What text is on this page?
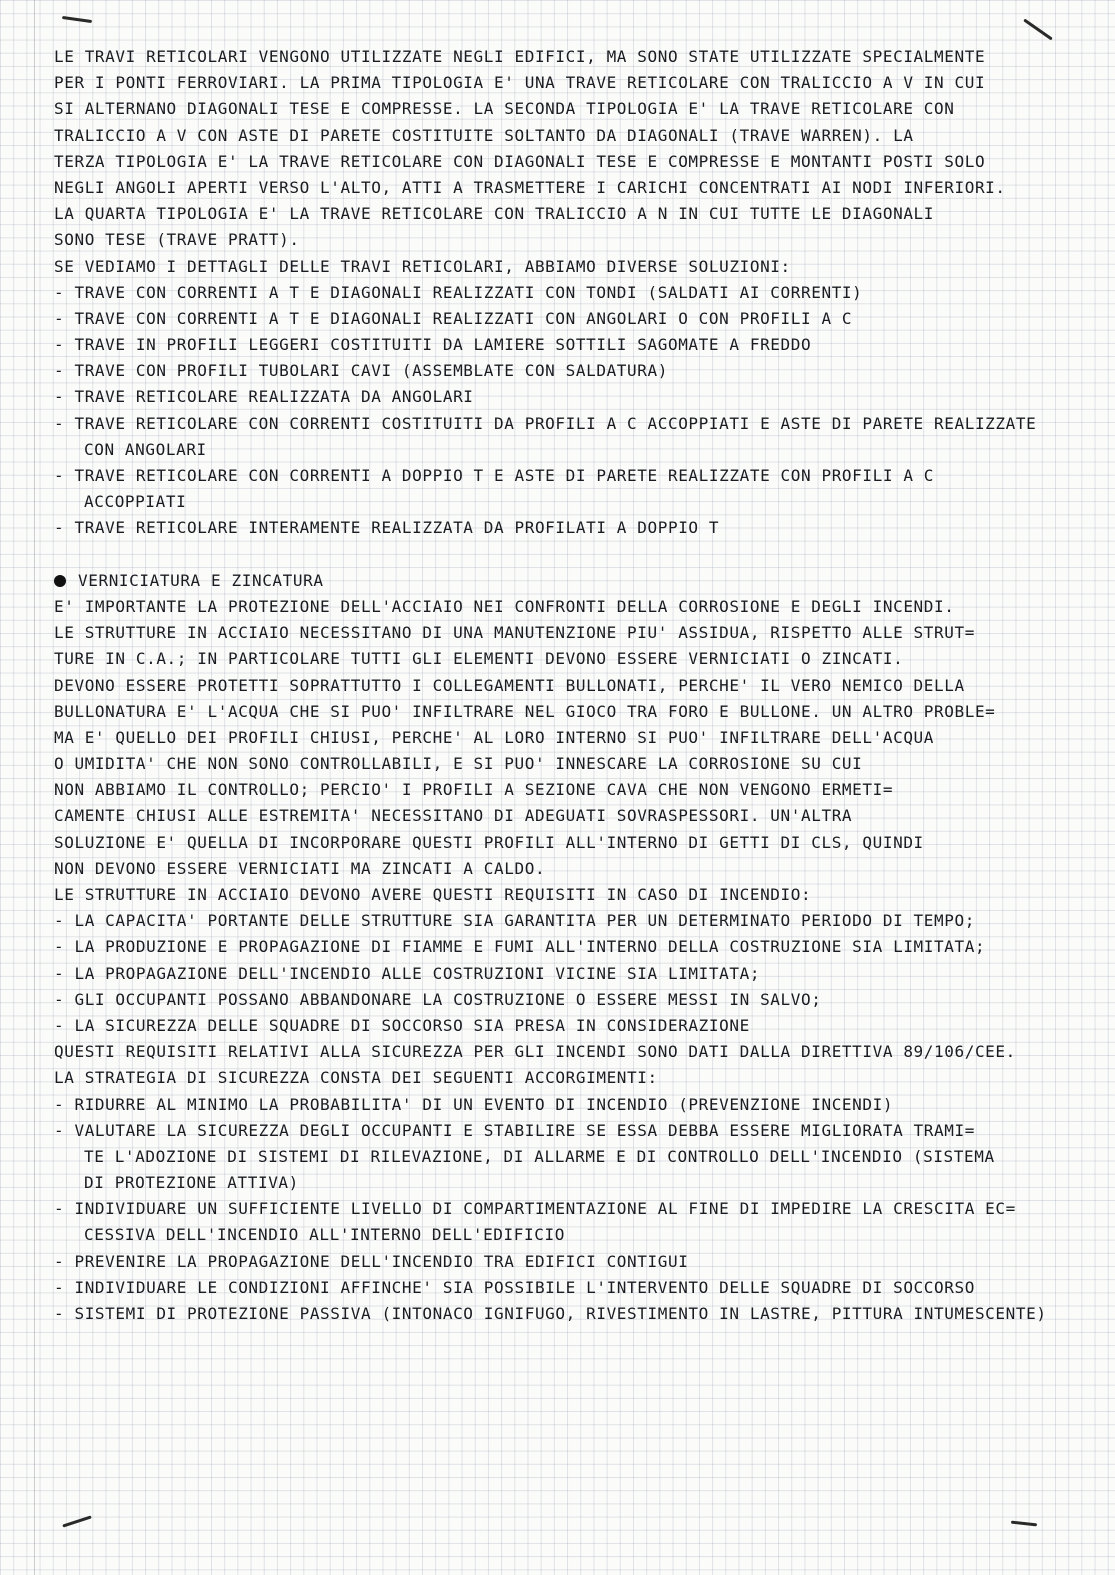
LE TRAVI RETICOLARI VENGONO UTILIZZATE NEGLI EDIFICI, MA SONO STATE UTILIZZATE SPECIALMENTE
PER I PONTI FERROVIARI. LA PRIMA TIPOLOGIA E' UNA TRAVE RETICOLARE CON TRALICCIO A V IN CUI
SI ALTERNANO DIAGONALI TESE E COMPRESSE. LA SECONDA TIPOLOGIA E' LA TRAVE RETICOLARE CON
TRALICCIO A V CON ASTE DI PARETE COSTITUITE SOLTANTO DA DIAGONALI (TRAVE WARREN). LA
TERZA TIPOLOGIA E' LA TRAVE RETICOLARE CON DIAGONALI TESE E COMPRESSE E MONTANTI POSTI SOLO
NEGLI ANGOLI APERTI VERSO L'ALTO, ATTI A TRASMETTERE I CARICHI CONCENTRATI AI NODI INFERIORI.
LA QUARTA TIPOLOGIA E' LA TRAVE RETICOLARE CON TRALICCIO A N IN CUI TUTTE LE DIAGONALI
SONO TESE (TRAVE PRATT).
SE VEDIAMO I DETTAGLI DELLE TRAVI RETICOLARI, ABBIAMO DIVERSE SOLUZIONI:
- TRAVE CON CORRENTI A T E DIAGONALI REALIZZATI CON TONDI (SALDATI AI CORRENTI)
- TRAVE CON CORRENTI A T E DIAGONALI REALIZZATI CON ANGOLARI O CON PROFILI A C
- TRAVE IN PROFILI LEGGERI COSTITUITI DA LAMIERE SOTTILI SAGOMATE A FREDDO
- TRAVE CON PROFILI TUBOLARI CAVI (ASSEMBLATE CON SALDATURA)
- TRAVE RETICOLARE REALIZZATA DA ANGOLARI
- TRAVE RETICOLARE CON CORRENTI COSTITUITI DA PROFILI A C ACCOPPIATI E ASTE DI PARETE REALIZZATE
CON ANGOLARI
- TRAVE RETICOLARE CON CORRENTI A DOPPIO T E ASTE DI PARETE REALIZZATE CON PROFILI A C
ACCOPPIATI
- TRAVE RETICOLARE INTERAMENTE REALIZZATA DA PROFILATI A DOPPIO T
VERNICIATURA E ZINCATURA
E' IMPORTANTE LA PROTEZIONE DELL'ACCIAIO NEI CONFRONTI DELLA CORROSIONE E DEGLI INCENDI.
LE STRUTTURE IN ACCIAIO NECESSITANO DI UNA MANUTENZIONE PIU' ASSIDUA, RISPETTO ALLE STRUT=
TURE IN C.A.; IN PARTICOLARE TUTTI GLI ELEMENTI DEVONO ESSERE VERNICIATI O ZINCATI.
DEVONO ESSERE PROTETTI SOPRATTUTTO I COLLEGAMENTI BULLONATI, PERCHE' IL VERO NEMICO DELLA
BULLONATURA E' L'ACQUA CHE SI PUO' INFILTRARE NEL GIOCO TRA FORO E BULLONE. UN ALTRO PROBLE=
MA E' QUELLO DEI PROFILI CHIUSI, PERCHE' AL LORO INTERNO SI PUO' INFILTRARE DELL'ACQUA
O UMIDITA' CHE NON SONO CONTROLLABILI, E SI PUO' INNESCARE LA CORROSIONE SU CUI
NON ABBIAMO IL CONTROLLO; PERCIO' I PROFILI A SEZIONE CAVA CHE NON VENGONO ERMETI=
CAMENTE CHIUSI ALLE ESTREMITA' NECESSITANO DI ADEGUATI SOVRASPESSORI. UN'ALTRA
SOLUZIONE E' QUELLA DI INCORPORARE QUESTI PROFILI ALL'INTERNO DI GETTI DI CLS, QUINDI
NON DEVONO ESSERE VERNICIATI MA ZINCATI A CALDO.
LE STRUTTURE IN ACCIAIO DEVONO AVERE QUESTI REQUISITI IN CASO DI INCENDIO:
- LA CAPACITA' PORTANTE DELLE STRUTTURE SIA GARANTITA PER UN DETERMINATO PERIODO DI TEMPO;
- LA PRODUZIONE E PROPAGAZIONE DI FIAMME E FUMI ALL'INTERNO DELLA COSTRUZIONE SIA LIMITATA;
- LA PROPAGAZIONE DELL'INCENDIO ALLE COSTRUZIONI VICINE SIA LIMITATA;
- GLI OCCUPANTI POSSANO ABBANDONARE LA COSTRUZIONE O ESSERE MESSI IN SALVO;
- LA SICUREZZA DELLE SQUADRE DI SOCCORSO SIA PRESA IN CONSIDERAZIONE
QUESTI REQUISITI RELATIVI ALLA SICUREZZA PER GLI INCENDI SONO DATI DALLA DIRETTIVA 89/106/CEE.
LA STRATEGIA DI SICUREZZA CONSTA DEI SEGUENTI ACCORGIMENTI:
- RIDURRE AL MINIMO LA PROBABILITA' DI UN EVENTO DI INCENDIO (PREVENZIONE INCENDI)
- VALUTARE LA SICUREZZA DEGLI OCCUPANTI E STABILIRE SE ESSA DEBBA ESSERE MIGLIORATA TRAMI=
TE L'ADOZIONE DI SISTEMI DI RILEVAZIONE, DI ALLARME E DI CONTROLLO DELL'INCENDIO (SISTEMA
DI PROTEZIONE ATTIVA)
- INDIVIDUARE UN SUFFICIENTE LIVELLO DI COMPARTIMENTAZIONE AL FINE DI IMPEDIRE LA CRESCITA EC=
CESSIVA DELL'INCENDIO ALL'INTERNO DELL'EDIFICIO
- PREVENIRE LA PROPAGAZIONE DELL'INCENDIO TRA EDIFICI CONTIGUI
- INDIVIDUARE LE CONDIZIONI AFFINCHE' SIA POSSIBILE L'INTERVENTO DELLE SQUADRE DI SOCCORSO
- SISTEMI DI PROTEZIONE PASSIVA (INTONACO IGNIFUGO, RIVESTIMENTO IN LASTRE, PITTURA INTUMESCENTE)
